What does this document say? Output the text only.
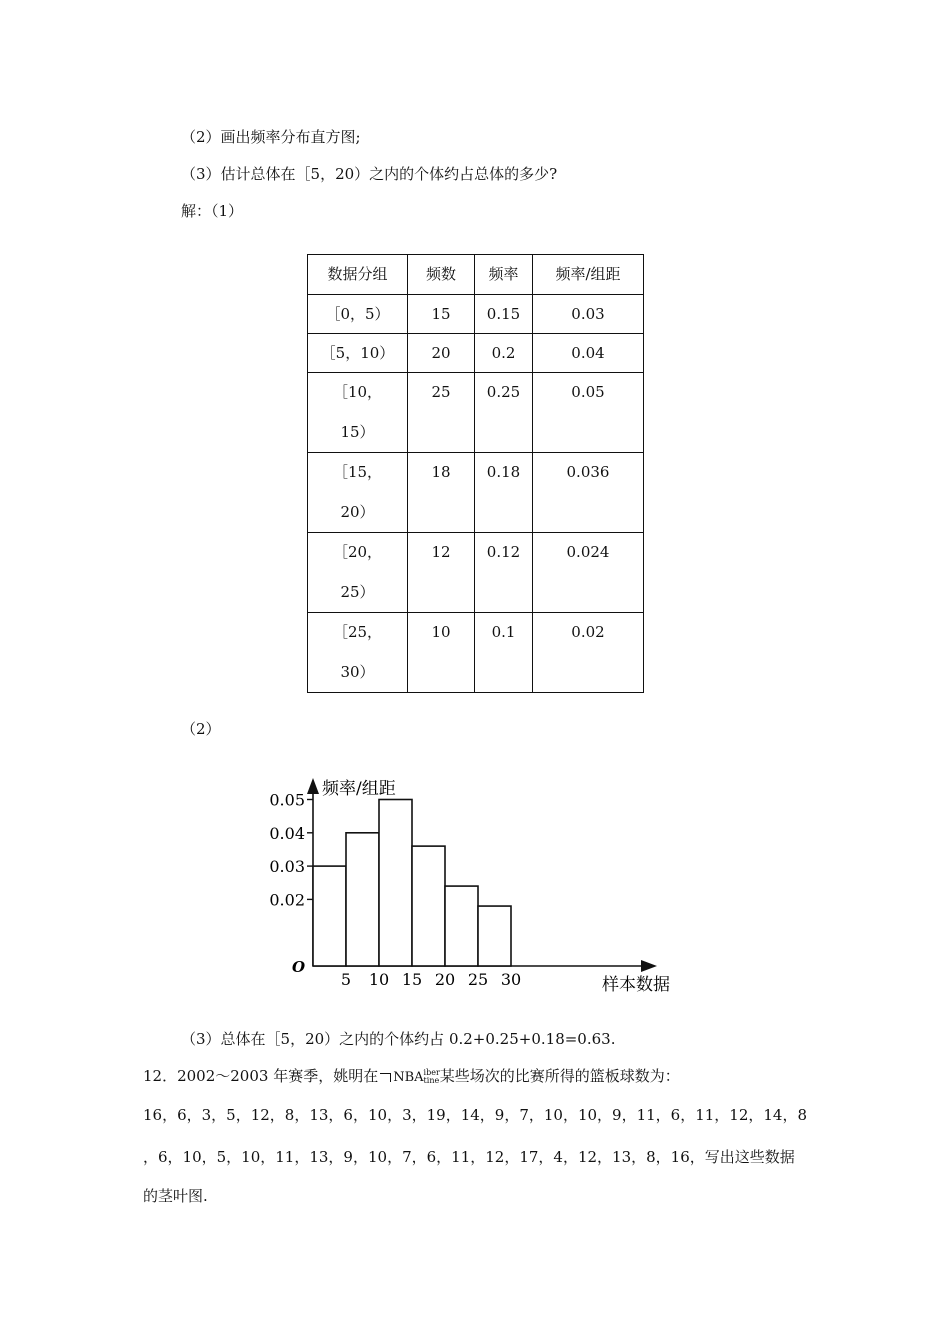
（2）画出频率分布直方图;
（3）估计总体在［5，20）之内的个体约占总体的多少?
解：（1）
数据分组	频数	频率	频率/组距

［0，5）	15	0.15	0.03

［5，10）	20	0.2	0.04

［10，15）	25	0.25	0.05

［15，20）	18	0.18	0.036

［20，25）	12	0.12	0.024

［25，30）	10	0.1	0.02
（2）
0.05
0.04
0.03
0.02
5 10 15 20 25 30
频率/组距
样本数据
O
（3）总体在［5，20）之内的个体约占 0.2+0.25+0.18=0.63.
12．2002～2003 年赛季，姚明在 NBA iber
tine 某些场次的比赛所得的篮板球数为：
16，6，3，5，12，8，13，6，10，3，19，14，9，7，10，10，9，11，6，11，12，14，8
，6，10，5，10，11，13，9，10，7，6，11，12，17，4，12，13，8，16，写出这些数据
的茎叶图.
